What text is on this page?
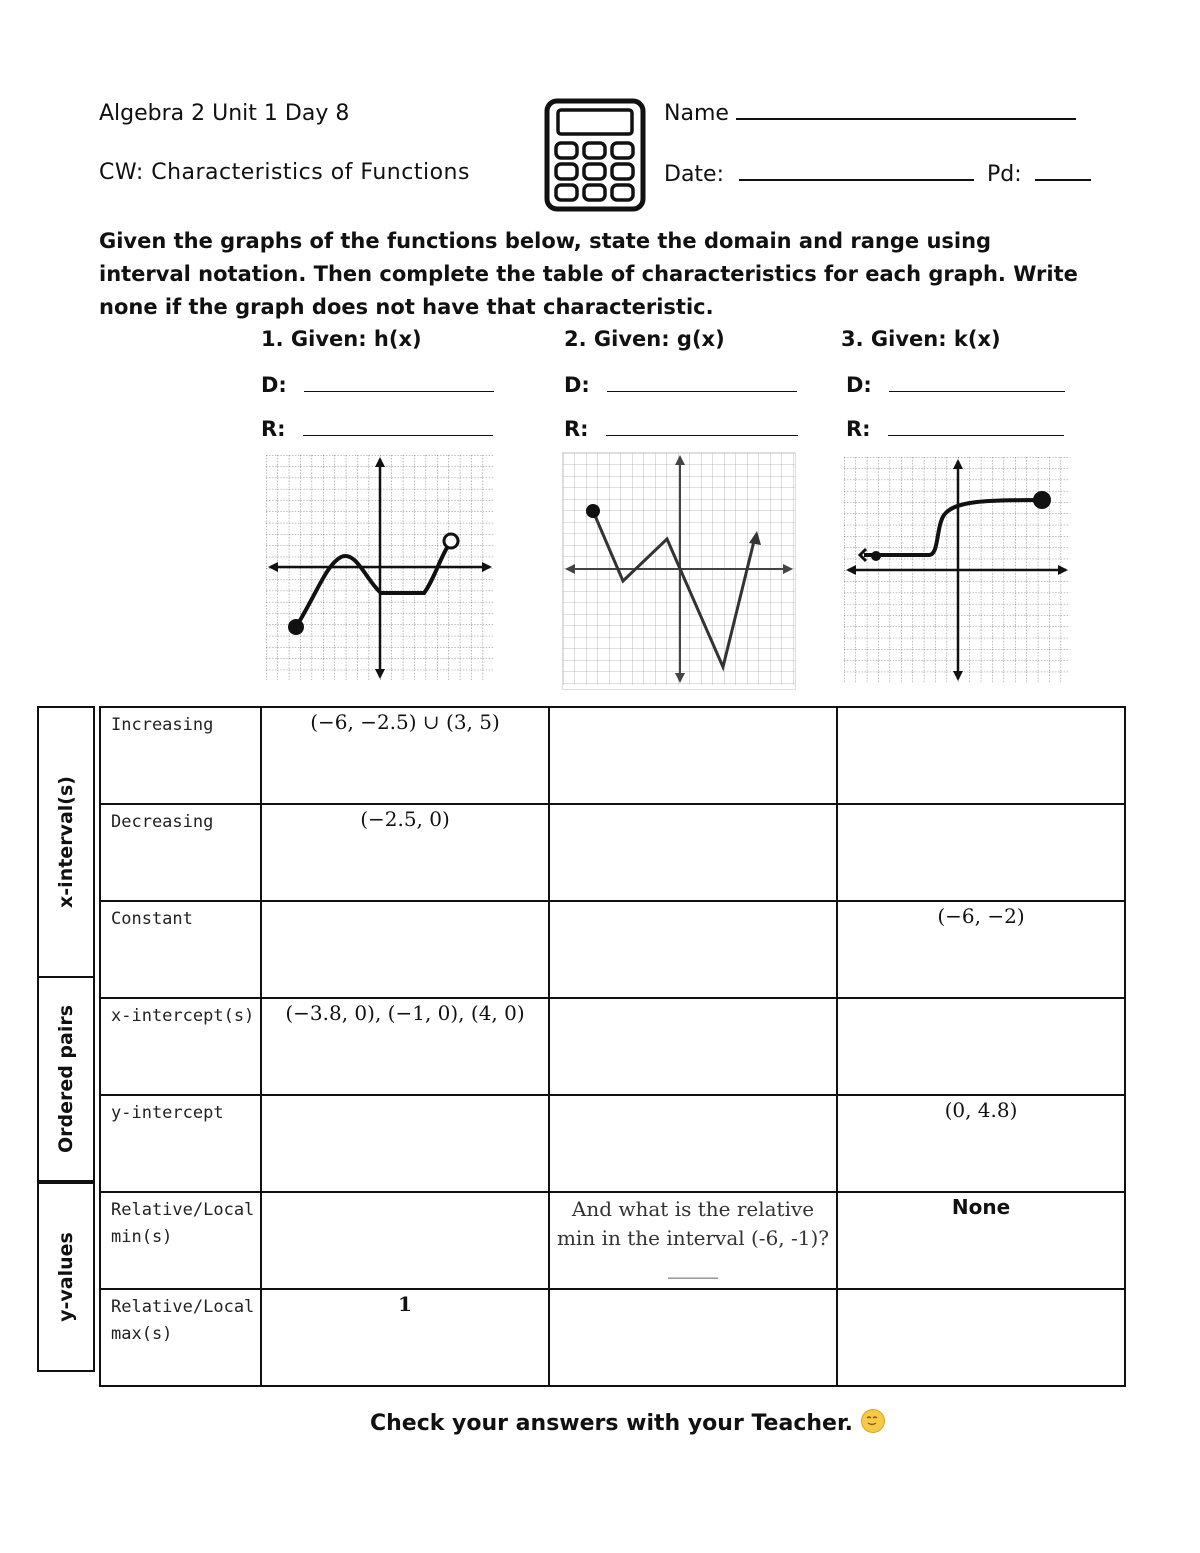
Algebra 2 Unit 1 Day 8
CW: Characteristics of Functions
Name
Date:	Pd:
Given the graphs of the functions below, state the domain and range using interval notation. Then complete the table of characteristics for each graph. Write none if the graph does not have that characteristic.
1. Given: h(x)	2. Given: g(x)	3. Given: k(x)
D:
R:
D:
R:
D:
R:
x-interval(s)
Ordered pairs
y-values
Increasing	(−6, −2.5) ∪ (3, 5)		
Decreasing	(−2.5, 0)		
Constant			(−6, −2)
x-intercept(s)	(−3.8, 0), (−1, 0), (4, 0)		
y-intercept			(0, 4.8)
Relative/Local min(s)		And what is the relative min in the interval (-6, -1)? _____	None
Relative/Local max(s)	1		
Check your answers with your Teacher.
